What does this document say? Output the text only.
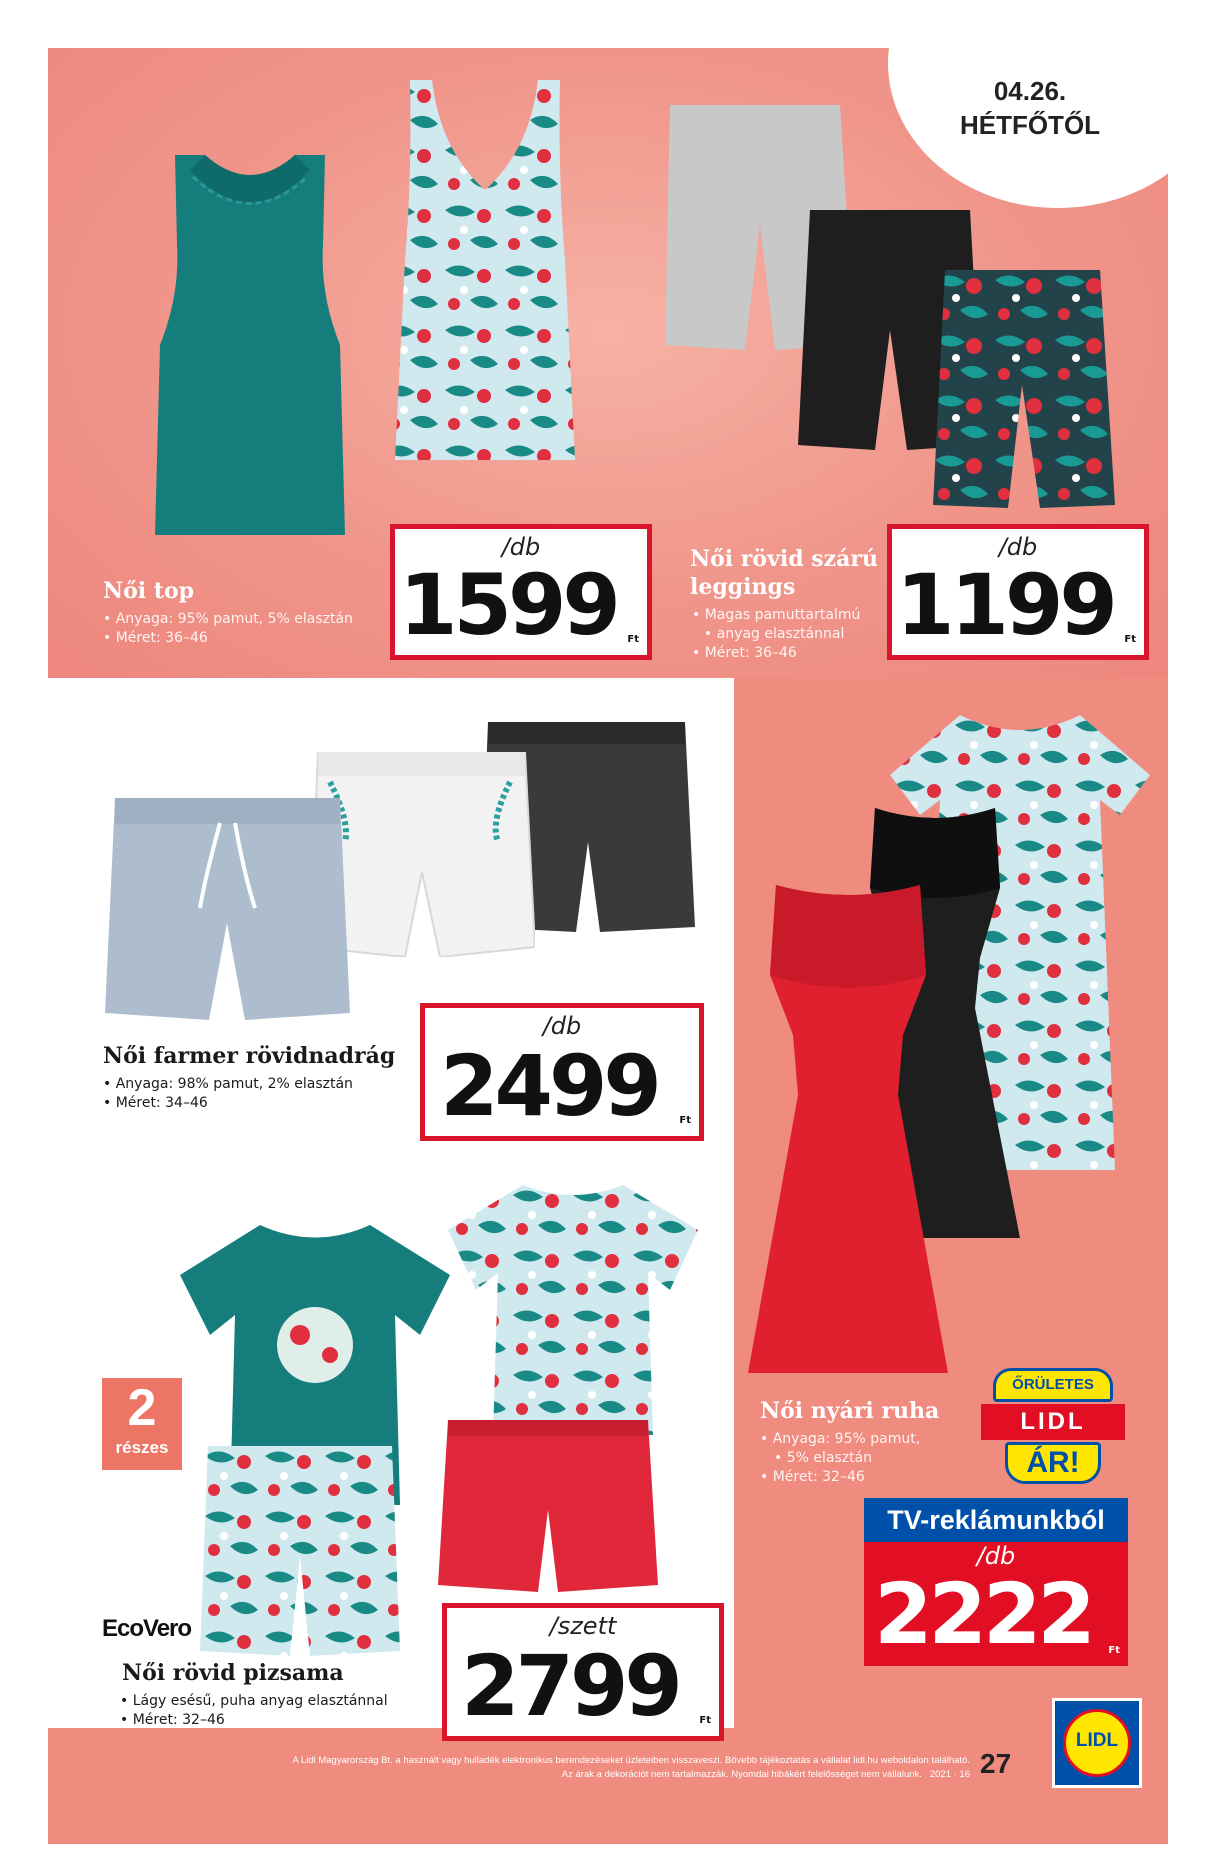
04.26.
HÉTFŐTŐL
Női top
• Anyaga: 95% pamut, 5% elasztán
• Méret: 36–46
/db
1599	Ft
Női rövid szárú
leggings
• Magas pamuttartalmú
• anyag elasztánnal
• Méret: 36–46
/db
1199	Ft
Női farmer rövidnadrág
• Anyaga: 98% pamut, 2% elasztán
• Méret: 34–46
/db
2499	Ft
2
részes
EcoVero
Női rövid pizsama
• Lágy esésű, puha anyag elasztánnal
• Méret: 32–46
/szett
2799	Ft
Női nyári ruha
• Anyaga: 95% pamut,
• 5% elasztán
• Méret: 32–46
ŐRÜLETES
LIDL
ÁR!
TV-reklámunkból
/db
2222	Ft
A Lidl Magyarország Bt. a használt vagy hulladék elektronikus berendezéseket üzleteiben visszaveszi. Bővebb tájékoztatás a vállalat lidl.hu weboldalon található.
Az árak a dekorációt nem tartalmazzák. Nyomdai hibákért felelősséget nem vállalunk. 2021 · 16 27
LIDL
